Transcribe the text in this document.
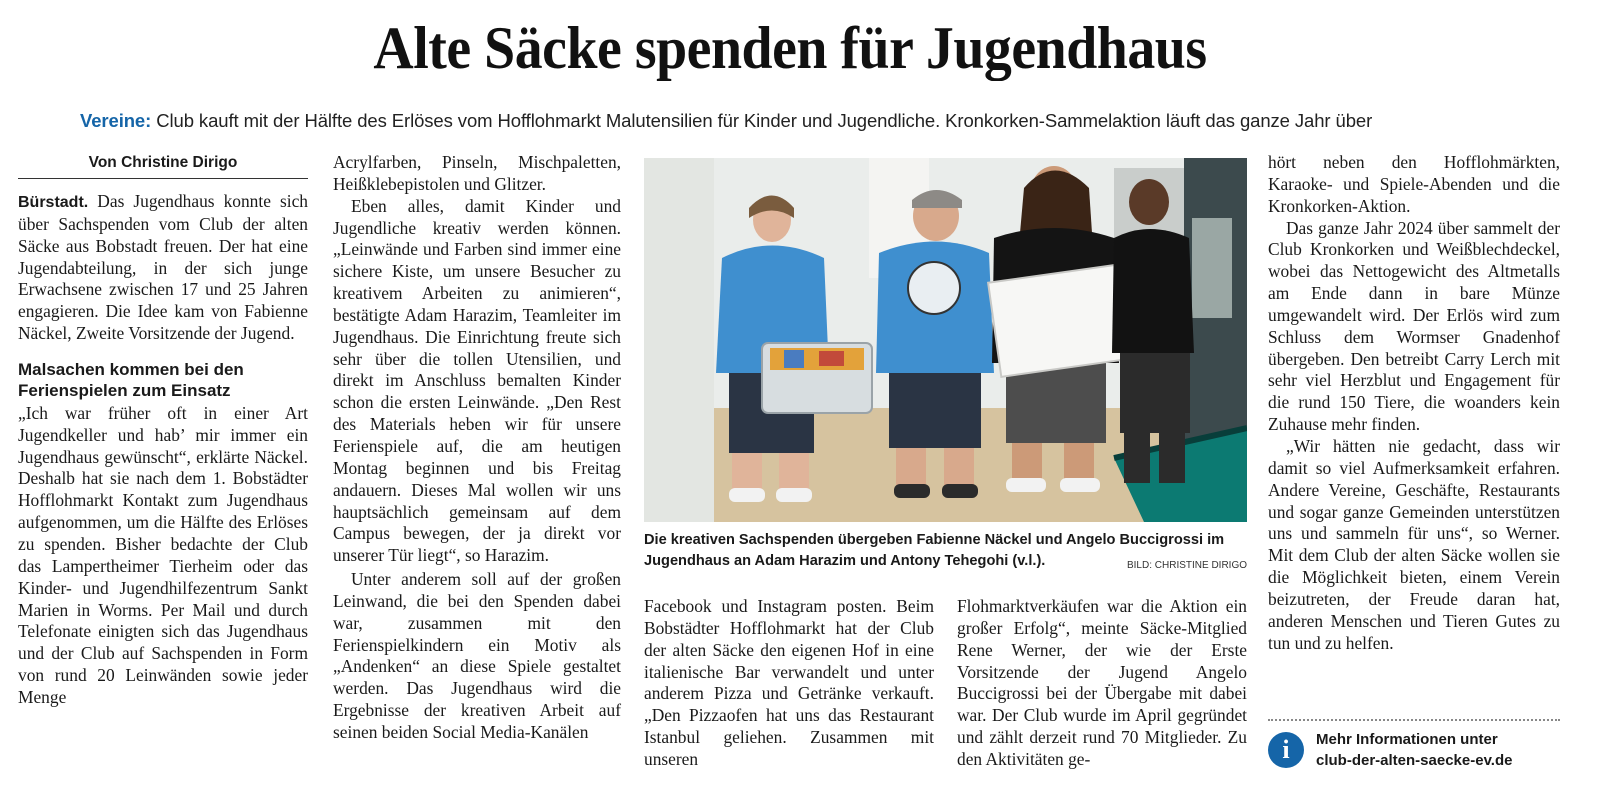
Alte Säcke spenden für Jugendhaus
Vereine: Club kauft mit der Hälfte des Erlöses vom Hofflohmarkt Malutensilien für Kinder und Jugendliche. Kronkorken-Sammelaktion läuft das ganze Jahr über
Von Christine Dirigo

Bürstadt. Das Jugendhaus konnte sich über Sachspenden vom Club der alten Säcke aus Bobstadt freuen. Der hat eine Jugendabteilung, in der sich junge Erwachsene zwischen 17 und 25 Jahren engagieren. Die Idee kam von Fabienne Näckel, Zweite Vorsitzende der Jugend.

Malsachen kommen bei den Ferienspielen zum Einsatz

„Ich war früher oft in einer Art Jugendkeller und hab’ mir immer ein Jugendhaus gewünscht“, erklärte Näckel. Deshalb hat sie nach dem 1. Bobstädter Hofflohmarkt Kontakt zum Jugendhaus aufgenommen, um die Hälfte des Erlöses zu spenden. Bisher bedachte der Club das Lampertheimer Tierheim oder das Kinder- und Jugendhilfezentrum Sankt Marien in Worms. Per Mail und durch Telefonate einigten sich das Jugendhaus und der Club auf Sachspenden in Form von rund 20 Leinwänden sowie jeder Menge

Acrylfarben, Pinseln, Mischpaletten, Heißklebepistolen und Glitzer.

Eben alles, damit Kinder und Jugendliche kreativ werden können. „Leinwände und Farben sind immer eine sichere Kiste, um unsere Besucher zu kreativem Arbeiten zu animieren“, bestätigte Adam Harazim, Teamleiter im Jugendhaus. Die Einrichtung freute sich sehr über die tollen Utensilien, und direkt im Anschluss bemalten Kinder schon die ersten Leinwände. „Den Rest des Materials heben wir für unsere Ferienspiele auf, die am heutigen Montag beginnen und bis Freitag andauern. Dieses Mal wollen wir uns hauptsächlich gemeinsam auf dem Campus bewegen, der ja direkt vor unserer Tür liegt“, so Harazim.

Unter anderem soll auf der großen Leinwand, die bei den Spenden dabei war, zusammen mit den Ferienspielkindern ein Motiv als „Andenken“ an diese Spiele gestaltet werden. Das Jugendhaus wird die Ergebnisse der kreativen Arbeit auf seinen beiden Social Media-Kanälen

Die kreativen Sachspenden übergeben Fabienne Näckel und Angelo Buccigrossi im Jugendhaus an Adam Harazim und Antony Tehegohi (v.l.).	BILD: CHRISTINE DIRIGO

Facebook und Instagram posten. Beim Bobstädter Hofflohmarkt hat der Club der alten Säcke den eigenen Hof in eine italienische Bar verwandelt und unter anderem Pizza und Getränke verkauft. „Den Pizzaofen hat uns das Restaurant Istanbul geliehen. Zusammen mit unseren

Flohmarktverkäufen war die Aktion ein großer Erfolg“, meinte Säcke-Mitglied Rene Werner, der wie der Erste Vorsitzende der Jugend Angelo Buccigrossi bei der Übergabe mit dabei war. Der Club wurde im April gegründet und zählt derzeit rund 70 Mitglieder. Zu den Aktivitäten ge-

hört neben den Hofflohmärkten, Karaoke- und Spiele-Abenden und die Kronkorken-Aktion.

Das ganze Jahr 2024 über sammelt der Club Kronkorken und Weißblechdeckel, wobei das Nettogewicht des Altmetalls am Ende dann in bare Münze umgewandelt wird. Der Erlös wird zum Schluss dem Wormser Gnadenhof übergeben. Den betreibt Carry Lerch mit sehr viel Herzblut und Engagement für die rund 150 Tiere, die woanders kein Zuhause mehr finden.

„Wir hätten nie gedacht, dass wir damit so viel Aufmerksamkeit erfahren. Andere Vereine, Geschäfte, Restaurants und sogar ganze Gemeinden unterstützen uns und sammeln für uns“, so Werner. Mit dem Club der alten Säcke wollen sie die Möglichkeit bieten, einem Verein beizutreten, der Freude daran hat, anderen Menschen und Tieren Gutes zu tun und zu helfen.

i	Mehr Informationen unter
club-der-alten-saecke-ev.de
